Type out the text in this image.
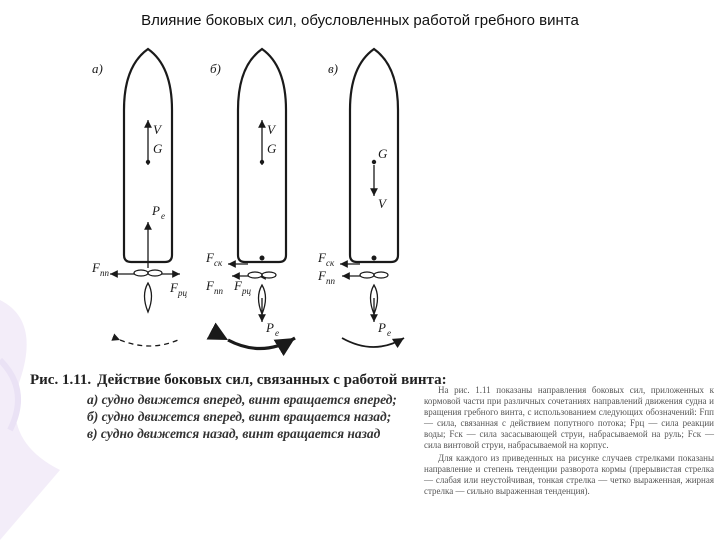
Влияние боковых сил, обусловленных работой гребного винта
а)
V
G
P е
F пп
F рц
б)
V
G
F ск
F пп F рц
P е
в)
G
V
F ск
F пп
P е
Рис. 1.11. Действие боковых сил, связанных с работой винта:
а) судно движется вперед, винт вращается вперед;
б) судно движется вперед, винт вращается назад;
в) судно движется назад, винт вращается назад

На рис. 1.11 показаны направления боковых сил, приложенных к кормовой части при различных сочетаниях направлений движения судна и вращения гребного винта, с использованием следующих обозначений: Fпп — сила, связанная с действием попутного потока; Fрц — сила реакции воды; Fск — сила засасывающей струи, набрасываемой на руль; Fск — сила винтовой струи, набрасываемой на корпус.

Для каждого из приведенных на рисунке случаев стрелками показаны направление и степень тенденции разворота кормы (прерывистая стрелка — слабая или неустойчивая, тонкая стрелка — четко выраженная, жирная стрелка — сильно выраженная тенденция).
